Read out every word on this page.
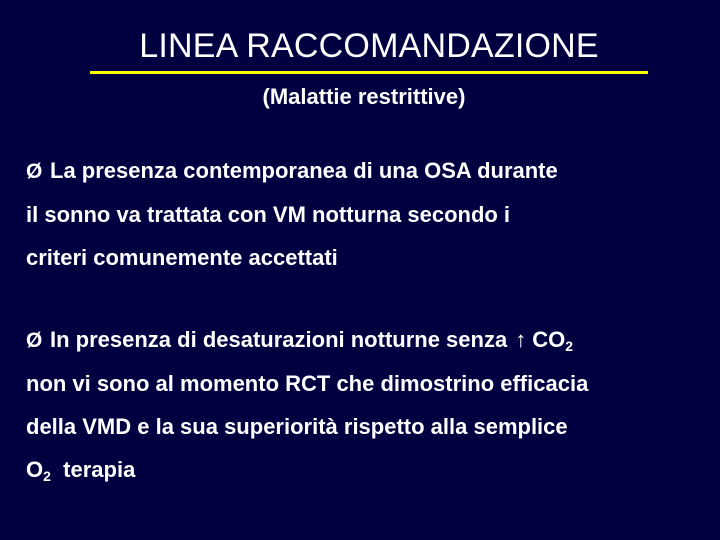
LINEA RACCOMANDAZIONE
(Malattie restrittive)
Ø La presenza contemporanea di una OSA durante
il sonno va trattata con VM notturna secondo i
criteri comunemente accettati
Ø In presenza di desaturazioni notturne senza ↑ $CO_2$
non vi sono al momento RCT che dimostrino efficacia
della VMD e la sua superiorità rispetto alla semplice
$O_2$ terapia
